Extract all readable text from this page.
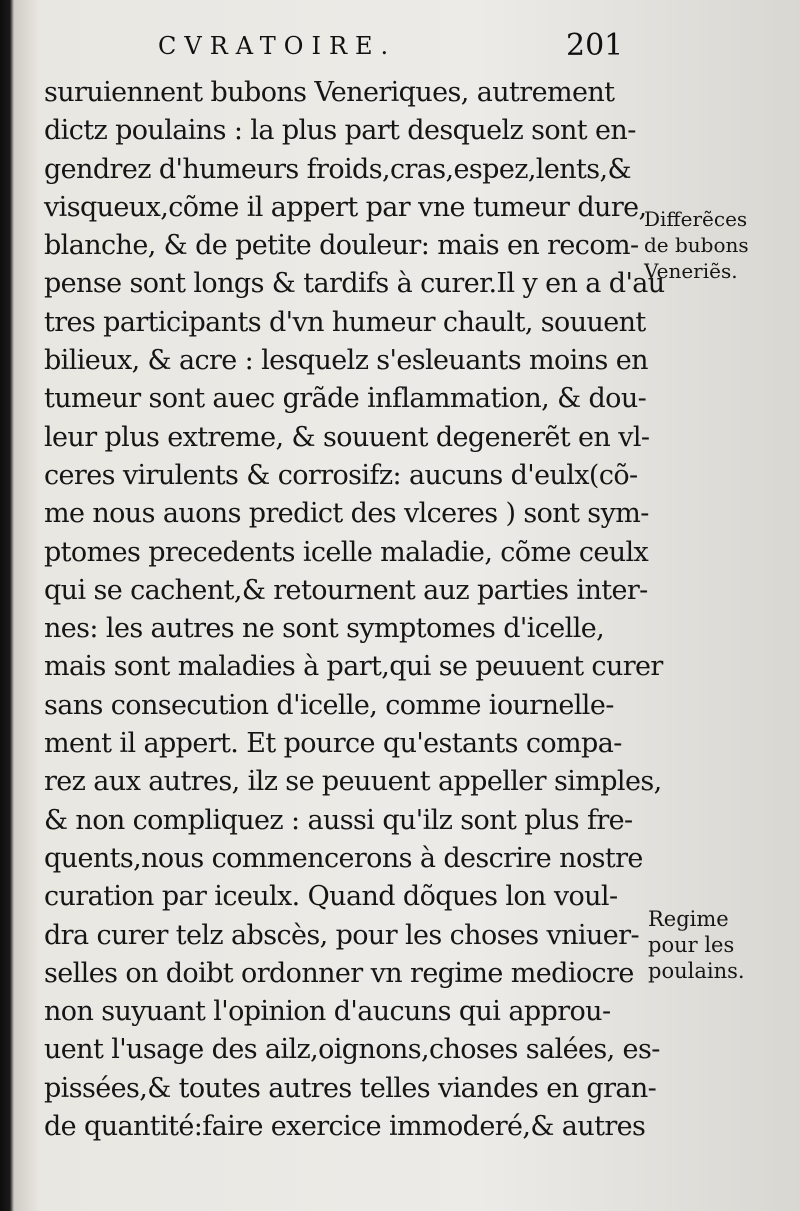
CVRATOIRE.	201
suruiennent bubons Veneriques, autrement
dictz poulains : la plus part desquelz sont en-
gendrez d'humeurs froids,cras,espez,lents,&
visqueux,cõme il appert par vne tumeur dure,
blanche, & de petite douleur: mais en recom-
pense sont longs & tardifs à curer.Il y en a d'au
tres participants d'vn humeur chault, souuent
bilieux, & acre : lesquelz s'esleuants moins en
tumeur sont auec grãde inflammation, & dou-
leur plus extreme, & souuent degenerẽt en vl-
ceres virulents & corrosifz: aucuns d'eulx(cõ-
me nous auons predict des vlceres ) sont sym-
ptomes precedents icelle maladie, cõme ceulx
qui se cachent,& retournent auz parties inter-
nes: les autres ne sont symptomes d'icelle,
mais sont maladies à part,qui se peuuent curer
sans consecution d'icelle, comme iournelle-
ment il appert. Et pource qu'estants compa-
rez aux autres, ilz se peuuent appeller simples,
& non compliquez : aussi qu'ilz sont plus fre-
quents,nous commencerons à descrire nostre
curation par iceulx. Quand dõques lon voul-
dra curer telz abscès, pour les choses vniuer-
selles on doibt ordonner vn regime mediocre
non suyuant l'opinion d'aucuns qui approu-
uent l'usage des ailz,oignons,choses salées, es-
pissées,& toutes autres telles viandes en gran-
de quantité:faire exercice immoderé,& autres
Differẽces
de bubons
Veneriẽs.
Regime
pour les
poulains.
